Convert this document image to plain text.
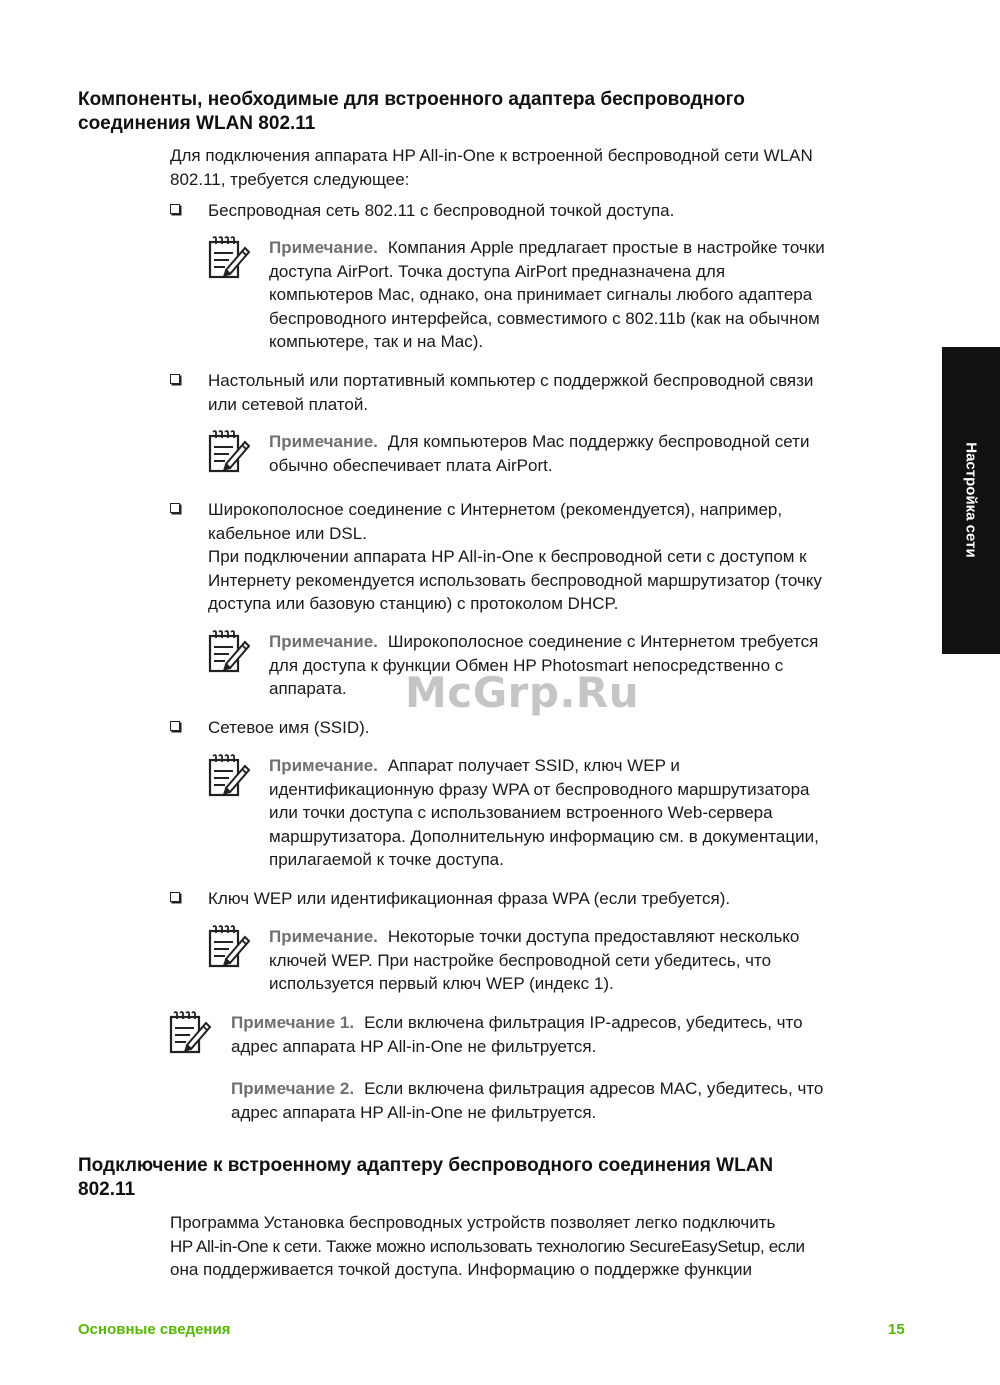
Компоненты, необходимые для встроенного адаптера беспроводного
соединения WLAN 802.11

Для подключения аппарата HP All-in-One к встроенной беспроводной сети WLAN
802.11, требуется следующее:

Беспроводная сеть 802.11 с беспроводной точкой доступа.
Примечание. Компания Apple предлагает простые в настройке точки
доступа AirPort. Точка доступа AirPort предназначена для
компьютеров Mac, однако, она принимает сигналы любого адаптера
беспроводного интерфейса, совместимого с 802.11b (как на обычном
компьютере, так и на Mac).
Настольный или портативный компьютер с поддержкой беспроводной связи
или сетевой платой.
Примечание. Для компьютеров Mac поддержку беспроводной сети
обычно обеспечивает плата AirPort.
Широкополосное соединение с Интернетом (рекомендуется), например,
кабельное или DSL.
При подключении аппарата HP All-in-One к беспроводной сети с доступом к
Интернету рекомендуется использовать беспроводной маршрутизатор (точку
доступа или базовую станцию) с протоколом DHCP.
Примечание. Широкополосное соединение с Интернетом требуется
для доступа к функции Обмен HP Photosmart непосредственно с
аппарата.
Сетевое имя (SSID).
Примечание. Аппарат получает SSID, ключ WEP и
идентификационную фразу WPA от беспроводного маршрутизатора
или точки доступа с использованием встроенного Web-сервера
маршрутизатора. Дополнительную информацию см. в документации,
прилагаемой к точке доступа.
Ключ WEP или идентификационная фраза WPA (если требуется).
Примечание. Некоторые точки доступа предоставляют несколько
ключей WEP. При настройке беспроводной сети убедитесь, что
используется первый ключ WEP (индекс 1).
Примечание 1. Если включена фильтрация IP-адресов, убедитесь, что
адрес аппарата HP All-in-One не фильтруется.
Примечание 2. Если включена фильтрация адресов MAC, убедитесь, что
адрес аппарата HP All-in-One не фильтруется.
Подключение к встроенному адаптеру беспроводного соединения WLAN
802.11

Программа Установка беспроводных устройств позволяет легко подключить
HP All-in-One к сети. Также можно использовать технологию SecureEasySetup, если
она поддерживается точкой доступа. Информацию о поддержке функции

Настройка сети
McGrp.Ru
Основные сведения	15
